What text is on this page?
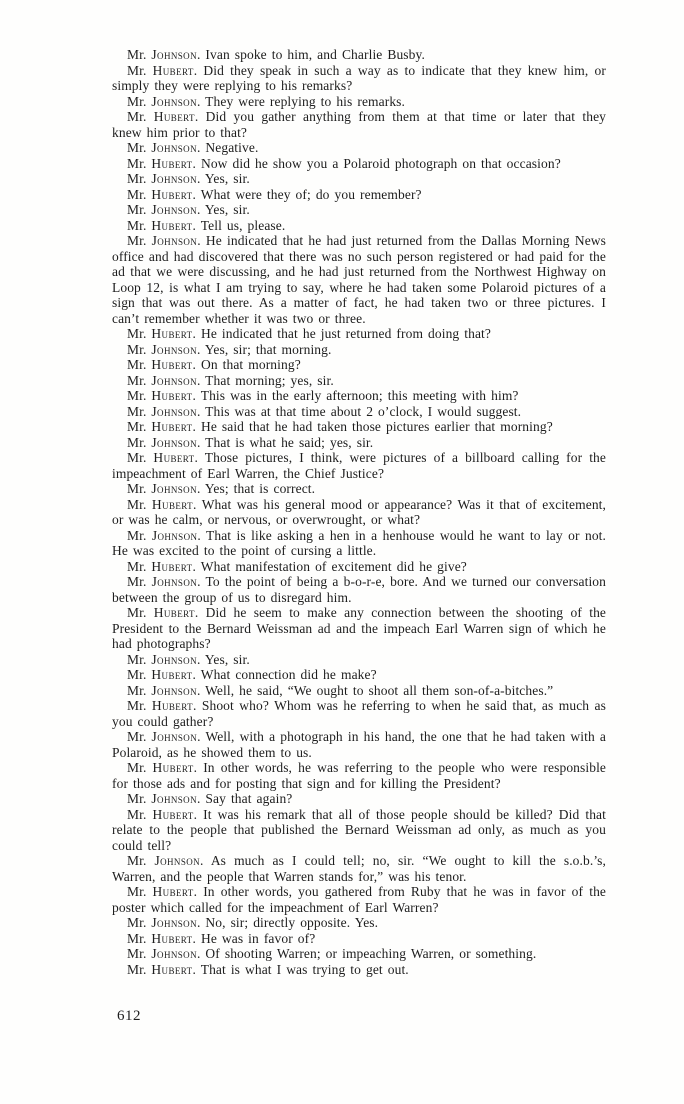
Mr. Johnson. Ivan spoke to him, and Charlie Busby.

Mr. Hubert. Did they speak in such a way as to indicate that they knew him, or simply they were replying to his remarks?

Mr. Johnson. They were replying to his remarks.

Mr. Hubert. Did you gather anything from them at that time or later that they knew him prior to that?

Mr. Johnson. Negative.

Mr. Hubert. Now did he show you a Polaroid photograph on that occasion?

Mr. Johnson. Yes, sir.

Mr. Hubert. What were they of; do you remember?

Mr. Johnson. Yes, sir.

Mr. Hubert. Tell us, please.

Mr. Johnson. He indicated that he had just returned from the Dallas Morning News office and had discovered that there was no such person registered or had paid for the ad that we were discussing, and he had just returned from the Northwest Highway on Loop 12, is what I am trying to say, where he had taken some Polaroid pictures of a sign that was out there. As a matter of fact, he had taken two or three pictures. I can’t remember whether it was two or three.

Mr. Hubert. He indicated that he just returned from doing that?

Mr. Johnson. Yes, sir; that morning.

Mr. Hubert. On that morning?

Mr. Johnson. That morning; yes, sir.

Mr. Hubert. This was in the early afternoon; this meeting with him?

Mr. Johnson. This was at that time about 2 o’clock, I would suggest.

Mr. Hubert. He said that he had taken those pictures earlier that morning?

Mr. Johnson. That is what he said; yes, sir.

Mr. Hubert. Those pictures, I think, were pictures of a billboard calling for the impeachment of Earl Warren, the Chief Justice?

Mr. Johnson. Yes; that is correct.

Mr. Hubert. What was his general mood or appearance? Was it that of excitement, or was he calm, or nervous, or overwrought, or what?

Mr. Johnson. That is like asking a hen in a henhouse would he want to lay or not. He was excited to the point of cursing a little.

Mr. Hubert. What manifestation of excitement did he give?

Mr. Johnson. To the point of being a b-o-r-e, bore. And we turned our conversation between the group of us to disregard him.

Mr. Hubert. Did he seem to make any connection between the shooting of the President to the Bernard Weissman ad and the impeach Earl Warren sign of which he had photographs?

Mr. Johnson. Yes, sir.

Mr. Hubert. What connection did he make?

Mr. Johnson. Well, he said, “We ought to shoot all them son-of-a-bitches.”

Mr. Hubert. Shoot who? Whom was he referring to when he said that, as much as you could gather?

Mr. Johnson. Well, with a photograph in his hand, the one that he had taken with a Polaroid, as he showed them to us.

Mr. Hubert. In other words, he was referring to the people who were responsible for those ads and for posting that sign and for killing the President?

Mr. Johnson. Say that again?

Mr. Hubert. It was his remark that all of those people should be killed? Did that relate to the people that published the Bernard Weissman ad only, as much as you could tell?

Mr. Johnson. As much as I could tell; no, sir. “We ought to kill the s.o.b.’s, Warren, and the people that Warren stands for,” was his tenor.

Mr. Hubert. In other words, you gathered from Ruby that he was in favor of the poster which called for the impeachment of Earl Warren?

Mr. Johnson. No, sir; directly opposite. Yes.

Mr. Hubert. He was in favor of?

Mr. Johnson. Of shooting Warren; or impeaching Warren, or something.

Mr. Hubert. That is what I was trying to get out.

612
